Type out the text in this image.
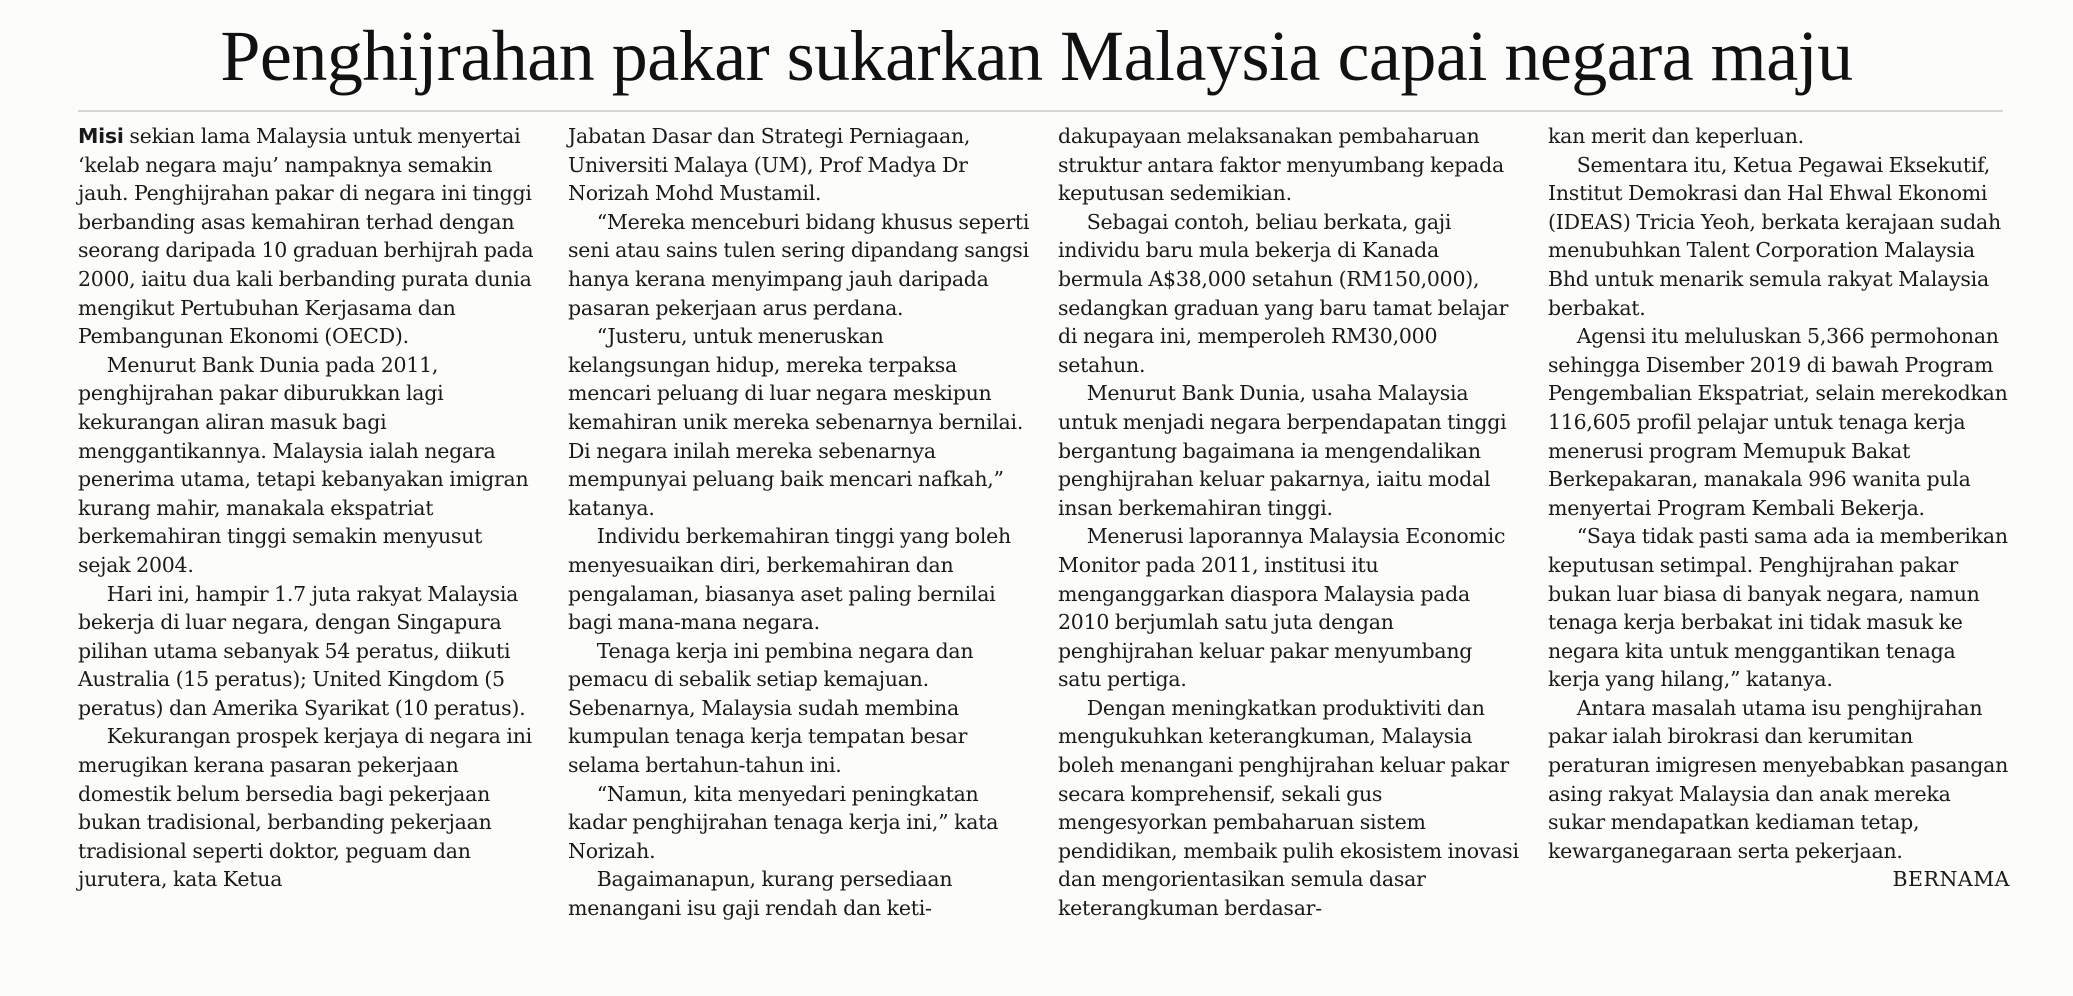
Penghijrahan pakar sukarkan Malaysia capai negara maju

Misi sekian lama Malaysia untuk menyertai ‘kelab negara maju’ nampaknya semakin jauh. Penghijrahan pakar di negara ini tinggi berbanding asas kemahiran terhad dengan seorang daripada 10 graduan berhijrah pada 2000, iaitu dua kali berbanding purata dunia mengikut Pertubuhan Kerjasama dan Pembangunan Ekonomi (OECD).

Menurut Bank Dunia pada 2011, penghijrahan pakar diburukkan lagi kekurangan aliran masuk bagi menggantikannya. Malaysia ialah negara penerima utama, tetapi kebanyakan imigran kurang mahir, manakala ekspatriat berkemahiran tinggi semakin menyusut sejak 2004.

Hari ini, hampir 1.7 juta rakyat Malaysia bekerja di luar negara, dengan Singapura pilihan utama sebanyak 54 peratus, diikuti Australia (15 peratus); United Kingdom (5 peratus) dan Amerika Syarikat (10 peratus).

Kekurangan prospek kerjaya di negara ini merugikan kerana pasaran pekerjaan domestik belum bersedia bagi pekerjaan bukan tradisional, berbanding pekerjaan tradisional seperti doktor, peguam dan jurutera, kata Ketua

Jabatan Dasar dan Strategi Perniagaan, Universiti Malaya (UM), Prof Madya Dr Norizah Mohd Mustamil.

“Mereka menceburi bidang khusus seperti seni atau sains tulen sering dipandang sangsi hanya kerana menyimpang jauh daripada pasaran pekerjaan arus perdana.

“Justeru, untuk meneruskan kelangsungan hidup, mereka terpaksa mencari peluang di luar negara meskipun kemahiran unik mereka sebenarnya bernilai. Di negara inilah mereka sebenarnya mempunyai peluang baik mencari nafkah,” katanya.

Individu berkemahiran tinggi yang boleh menyesuaikan diri, berkemahiran dan pengalaman, biasanya aset paling bernilai bagi mana-mana negara.

Tenaga kerja ini pembina negara dan pemacu di sebalik setiap kemajuan. Sebenarnya, Malaysia sudah membina kumpulan tenaga kerja tempatan besar selama bertahun-tahun ini.

“Namun, kita menyedari peningkatan kadar penghijrahan tenaga kerja ini,” kata Norizah.

Bagaimanapun, kurang persediaan menangani isu gaji rendah dan keti-

dakupayaan melaksanakan pembaharuan struktur antara faktor menyumbang kepada keputusan sedemikian.

Sebagai contoh, beliau berkata, gaji individu baru mula bekerja di Kanada bermula A$38,000 setahun (RM150,000), sedangkan graduan yang baru tamat belajar di negara ini, memperoleh RM30,000 setahun.

Menurut Bank Dunia, usaha Malaysia untuk menjadi negara berpendapatan tinggi bergantung bagaimana ia mengendalikan penghijrahan keluar pakarnya, iaitu modal insan berkemahiran tinggi.

Menerusi laporannya Malaysia Economic Monitor pada 2011, institusi itu menganggarkan diaspora Malaysia pada 2010 berjumlah satu juta dengan penghijrahan keluar pakar menyumbang satu pertiga.

Dengan meningkatkan produktiviti dan mengukuhkan keterangkuman, Malaysia boleh menangani penghijrahan keluar pakar secara komprehensif, sekali gus mengesyorkan pembaharuan sistem pendidikan, membaik pulih ekosistem inovasi dan mengorientasikan semula dasar keterangkuman berdasar-

kan merit dan keperluan.

Sementara itu, Ketua Pegawai Eksekutif, Institut Demokrasi dan Hal Ehwal Ekonomi (IDEAS) Tricia Yeoh, berkata kerajaan sudah menubuhkan Talent Corporation Malaysia Bhd untuk menarik semula rakyat Malaysia berbakat.

Agensi itu meluluskan 5,366 permohonan sehingga Disember 2019 di bawah Program Pengembalian Ekspatriat, selain merekodkan 116,605 profil pelajar untuk tenaga kerja menerusi program Memupuk Bakat Berkepakaran, manakala 996 wanita pula menyertai Program Kembali Bekerja.

“Saya tidak pasti sama ada ia memberikan keputusan setimpal. Penghijrahan pakar bukan luar biasa di banyak negara, namun tenaga kerja berbakat ini tidak masuk ke negara kita untuk menggantikan tenaga kerja yang hilang,” katanya.

Antara masalah utama isu penghijrahan pakar ialah birokrasi dan kerumitan peraturan imigresen menyebabkan pasangan asing rakyat Malaysia dan anak mereka sukar mendapatkan kediaman tetap, kewarganegaraan serta pekerjaan.
BERNAMA
